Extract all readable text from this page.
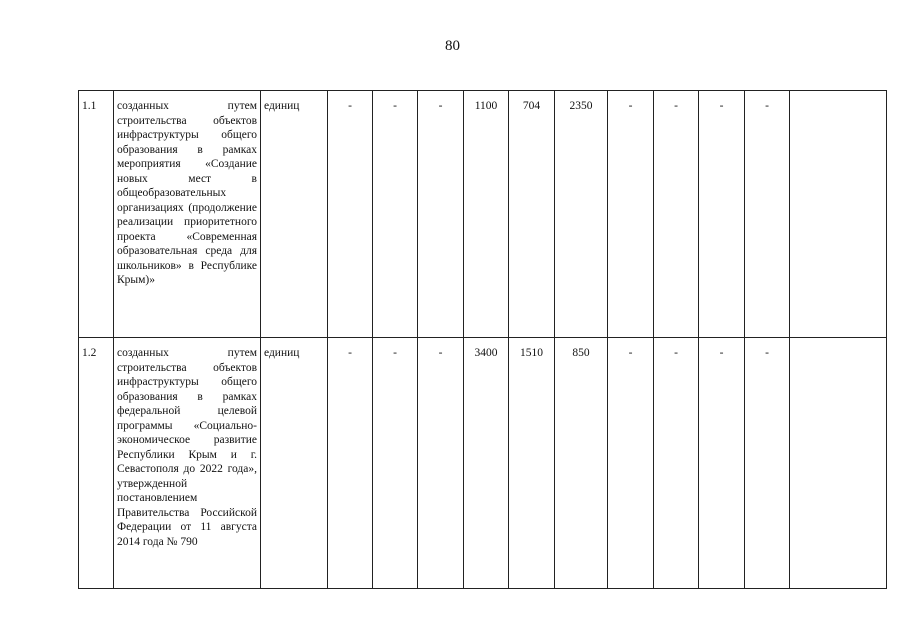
80
1.1	созданных путем строительства объектов инфраструктуры общего образования в рамках мероприятия «Создание новых мест в общеобразовательных организациях (продолжение реализации приоритетного проекта «Современная образовательная среда для школьников» в Республике Крым)»	единиц	-	-	-	1100	704	2350	-	-	-	-	
1.2	созданных путем строительства объектов инфраструктуры общего образования в рамках федеральной целевой программы «Социально-экономическое развитие Республики Крым и г. Севастополя до 2022 года», утвержденной постановлением Правительства Российской Федерации от 11 августа 2014 года № 790	единиц	-	-	-	3400	1510	850	-	-	-	-	
